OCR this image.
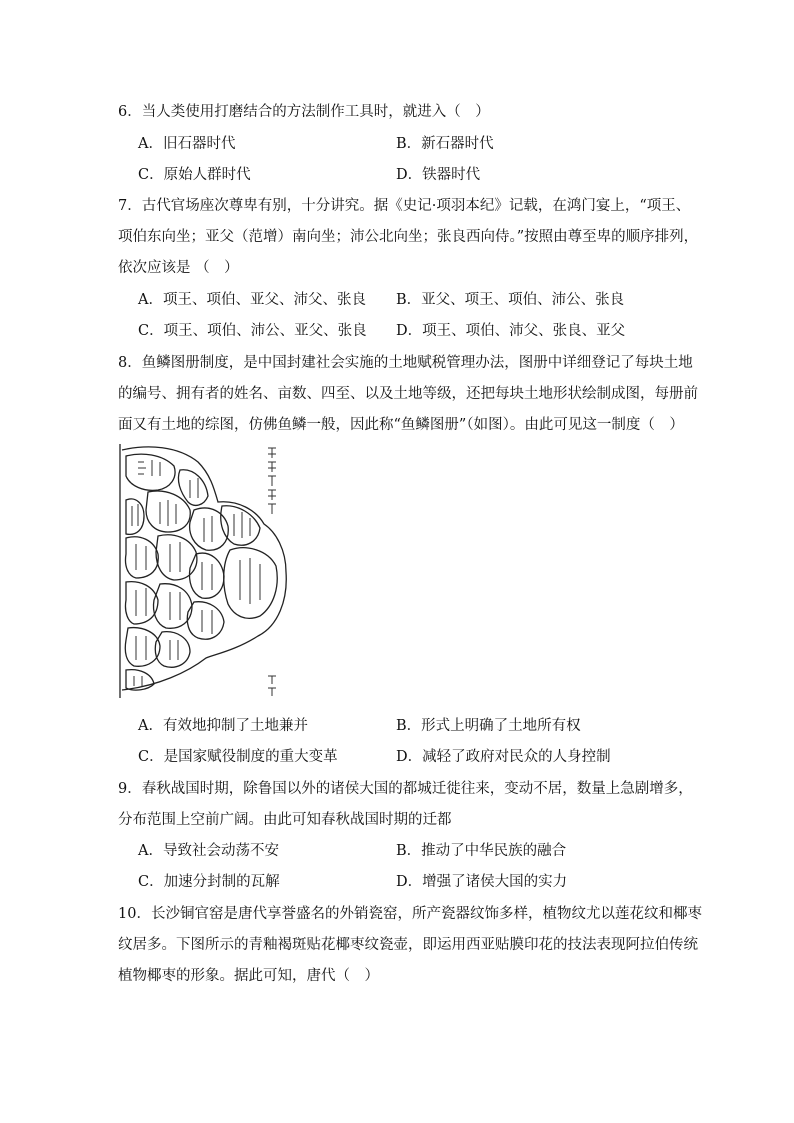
6．当人类使用打磨结合的方法制作工具时，就进入（　）
A．旧石器时代	B．新石器时代
C．原始人群时代	D．铁器时代
7．古代官场座次尊卑有别，十分讲究。据《史记·项羽本纪》记载，在鸿门宴上，“项王、
项伯东向坐；亚父（范增）南向坐；沛公北向坐；张良西向侍。”按照由尊至卑的顺序排列，
依次应该是 （　）
A．项王、项伯、亚父、沛父、张良 B．亚父、项王、项伯、沛公、张良
C．项王、项伯、沛公、亚父、张良 D．项王、项伯、沛父、张良、亚父
8．鱼鳞图册制度，是中国封建社会实施的土地赋税管理办法，图册中详细登记了每块土地
的编号、拥有者的姓名、亩数、四至、以及土地等级，还把每块土地形状绘制成图，每册前
面又有土地的综图，仿佛鱼鳞一般，因此称“鱼鳞图册”（如图）。由此可见这一制度（　）
A．有效地抑制了土地兼并	B．形式上明确了土地所有权
C．是国家赋役制度的重大变革	D．减轻了政府对民众的人身控制
9．春秋战国时期，除鲁国以外的诸侯大国的都城迁徙往来，变动不居，数量上急剧增多，
分布范围上空前广阔。由此可知春秋战国时期的迁都
A．导致社会动荡不安	B．推动了中华民族的融合
C．加速分封制的瓦解	D．增强了诸侯大国的实力
10．长沙铜官窑是唐代享誉盛名的外销瓷窑，所产瓷器纹饰多样，植物纹尤以莲花纹和椰枣
纹居多。下图所示的青釉褐斑贴花椰枣纹瓷壶，即运用西亚贴膜印花的技法表现阿拉伯传统
植物椰枣的形象。据此可知，唐代（　）
